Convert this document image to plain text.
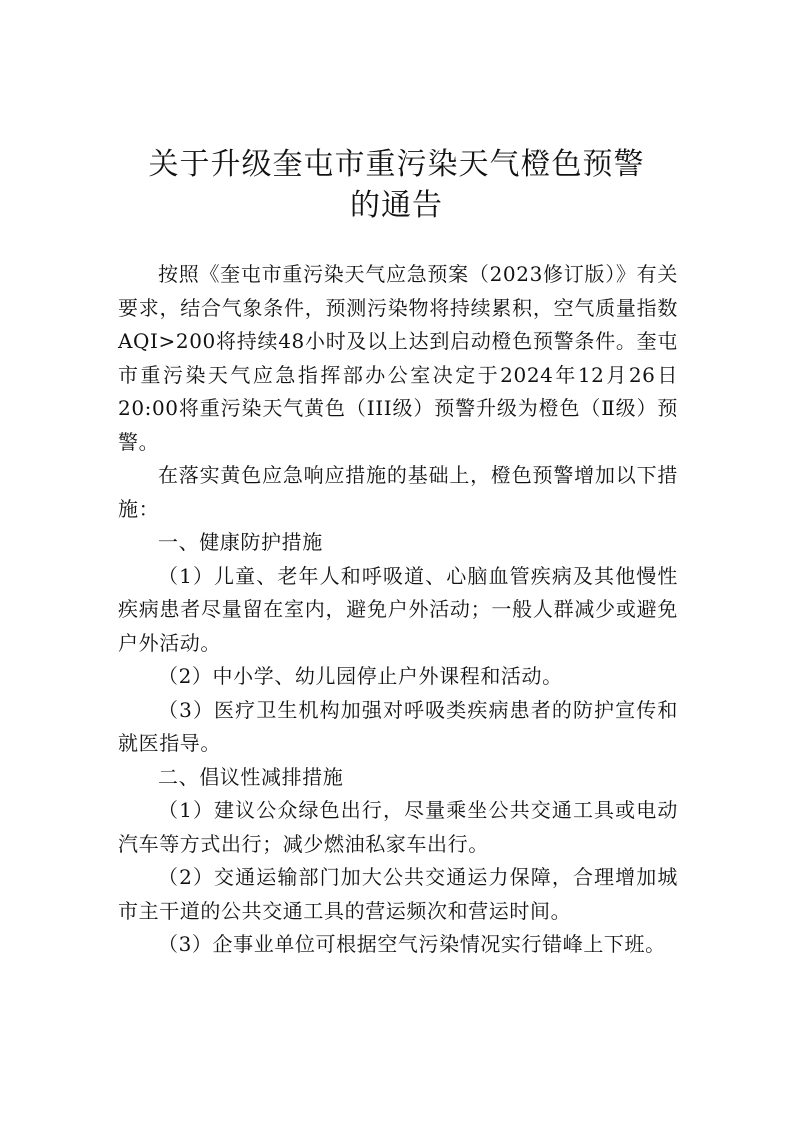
关于升级奎屯市重污染天气橙色预警
的通告

按照《奎屯市重污染天气应急预案（2023修订版）》有关要求，结合气象条件，预测污染物将持续累积，空气质量指数AQI>200将持续48小时及以上达到启动橙色预警条件。奎屯市重污染天气应急指挥部办公室决定于2024年12月26日20:00将重污染天气黄色（III级）预警升级为橙色（Ⅱ级）预警。

在落实黄色应急响应措施的基础上，橙色预警增加以下措施：

一、健康防护措施

（1）儿童、老年人和呼吸道、心脑血管疾病及其他慢性疾病患者尽量留在室内，避免户外活动；一般人群减少或避免户外活动。

（2）中小学、幼儿园停止户外课程和活动。

（3）医疗卫生机构加强对呼吸类疾病患者的防护宣传和就医指导。

二、倡议性减排措施

（1）建议公众绿色出行，尽量乘坐公共交通工具或电动汽车等方式出行；减少燃油私家车出行。

（2）交通运输部门加大公共交通运力保障，合理增加城市主干道的公共交通工具的营运频次和营运时间。

（3）企事业单位可根据空气污染情况实行错峰上下班。
